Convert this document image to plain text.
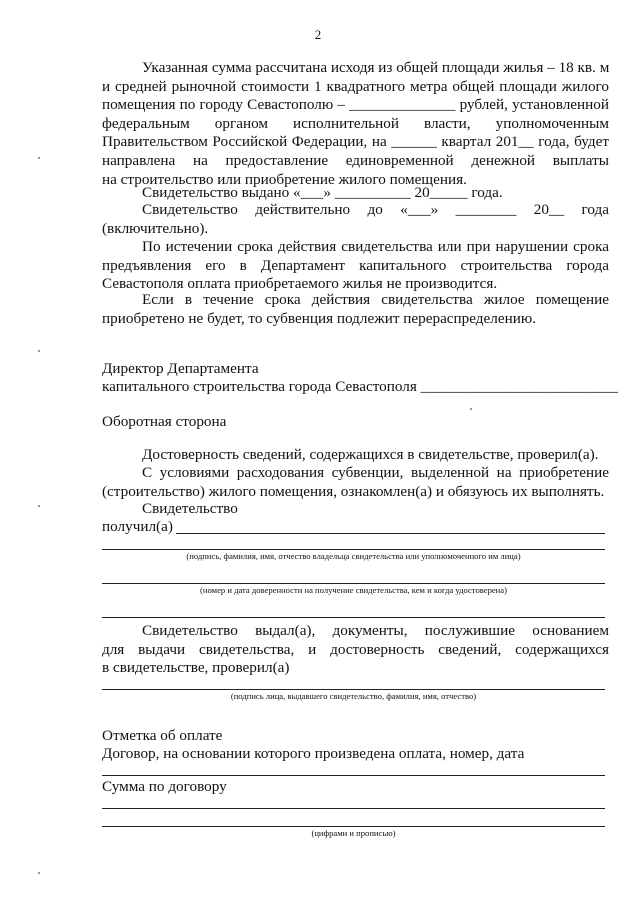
2
Указанная сумма рассчитана исходя из общей площади жилья – 18 кв. м
и средней рыночной стоимости 1 квадратного метра общей площади жилого
помещения по городу Севастополю – ______________ рублей, установленной
федеральным органом исполнительной власти, уполномоченным
Правительством Российской Федерации, на ______ квартал 201__ года, будет
направлена на предоставление единовременной денежной выплаты
на строительство или приобретение жилого помещения.
Свидетельство выдано «___» __________ 20_____ года.
Свидетельство действительно до «___» ________ 20__ года
(включительно).
По истечении срока действия свидетельства или при нарушении срока
предъявления его в Департамент капитального строительства города
Севастополя оплата приобретаемого жилья не производится.
Если в течение срока действия свидетельства жилое помещение
приобретено не будет, то субвенция подлежит перераспределению.
Директор Департамента
капитального строительства города Севастополя __________________________
Оборотная сторона
Достоверность сведений, содержащихся в свидетельстве, проверил(а).
С условиями расходования субвенции, выделенной на приобретение
(строительство) жилого помещения, ознакомлен(а) и обязуюсь их выполнять.
Свидетельство
получил(а)
(подпись, фамилия, имя, отчество владельца свидетельства или уполномоченного им лица)
(номер и дата доверенности на получение свидетельства, кем и когда удостоверена)
Свидетельство выдал(а), документы, послужившие основанием
для выдачи свидетельства, и достоверность сведений, содержащихся
в свидетельстве, проверил(а)
(подпись лица, выдавшего свидетельство, фамилия, имя, отчество)
Отметка об оплате
Договор, на основании которого произведена оплата, номер, дата
Сумма по договору
(цифрами и прописью)
